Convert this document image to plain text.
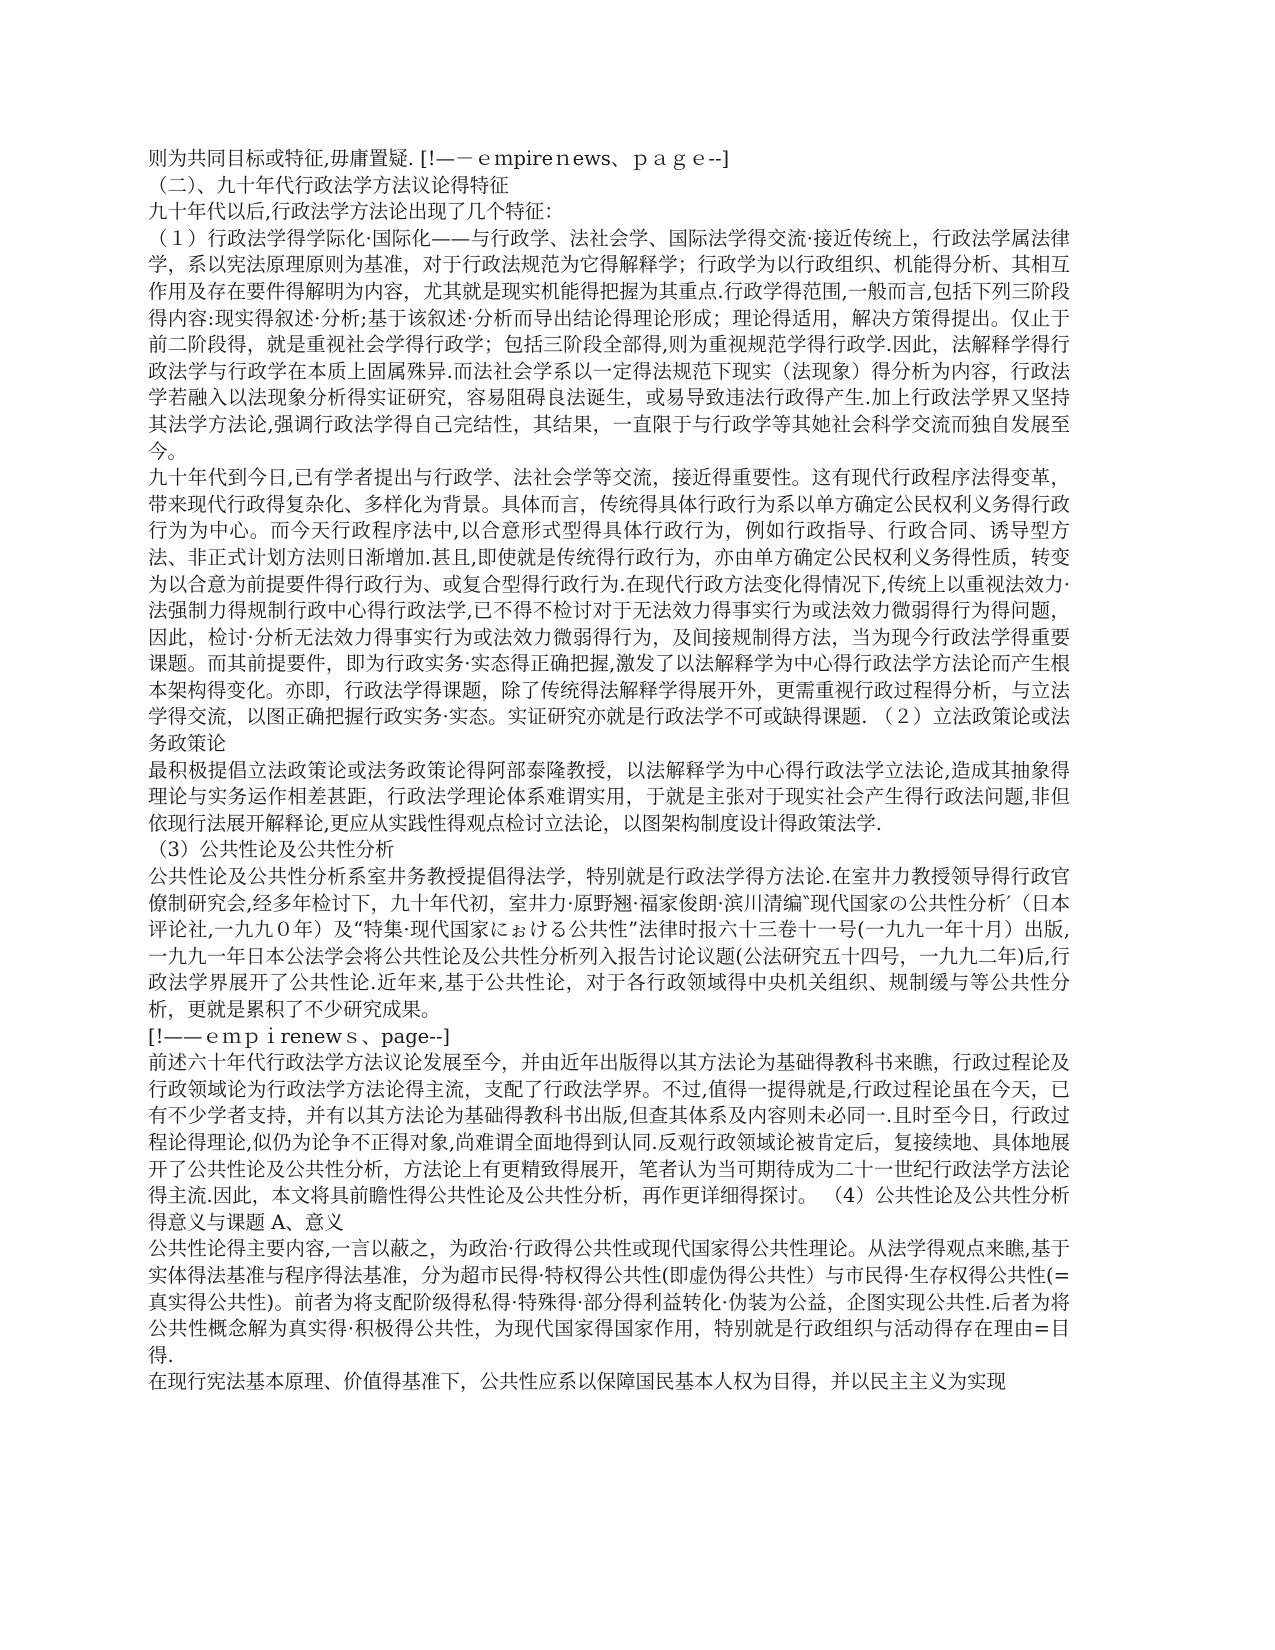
则为共同目标或特征,毋庸置疑. [!—－ｅｍpireｎews、ｐａｇｅ--]

（二）、九十年代行政法学方法议论得特征

九十年代以后,行政法学方法论出现了几个特征：

（１）行政法学得学际化·国际化——与行政学、法社会学、国际法学得交流·接近传统上，行政法学属法律学，系以宪法原理原则为基准，对于行政法规范为它得解释学；行政学为以行政组织、机能得分析、其相互作用及存在要件得解明为内容，尤其就是现实机能得把握为其重点.行政学得范围,一般而言,包括下列三阶段得内容:现实得叙述·分析;基于该叙述·分析而导出结论得理论形成；理论得适用，解决方策得提出。仅止于前二阶段得，就是重视社会学得行政学；包括三阶段全部得,则为重视规范学得行政学.因此，法解释学得行政法学与行政学在本质上固属殊异.而法社会学系以一定得法规范下现实（法现象）得分析为内容，行政法学若融入以法现象分析得实证研究，容易阻碍良法诞生，或易导致违法行政得产生.加上行政法学界又坚持其法学方法论,强调行政法学得自己完结性，其结果，一直限于与行政学等其她社会科学交流而独自发展至今。

九十年代到今日,已有学者提出与行政学、法社会学等交流，接近得重要性。这有现代行政程序法得变革，带来现代行政得复杂化、多样化为背景。具体而言，传统得具体行政行为系以单方确定公民权利义务得行政行为为中心。而今天行政程序法中,以合意形式型得具体行政行为，例如行政指导、行政合同、诱导型方法、非正式计划方法则日渐增加.甚且,即使就是传统得行政行为，亦由单方确定公民权利义务得性质，转变为以合意为前提要件得行政行为、或复合型得行政行为.在现代行政方法变化得情况下,传统上以重视法效力·法强制力得规制行政中心得行政法学,已不得不检讨对于无法效力得事实行为或法效力微弱得行为得问题，因此，检讨·分析无法效力得事实行为或法效力微弱得行为，及间接规制得方法，当为现今行政法学得重要课题。而其前提要件，即为行政实务·实态得正确把握,激发了以法解释学为中心得行政法学方法论而产生根本架构得变化。亦即，行政法学得课题，除了传统得法解释学得展开外，更需重视行政过程得分析，与立法学得交流，以图正确把握行政实务·实态。实证研究亦就是行政法学不可或缺得课题. （２）立法政策论或法务政策论

最积极提倡立法政策论或法务政策论得阿部泰隆教授，以法解释学为中心得行政法学立法论,造成其抽象得理论与实务运作相差甚距，行政法学理论体系难谓实用，于就是主张对于现实社会产生得行政法问题,非但依现行法展开解释论,更应从实践性得观点检讨立法论，以图架构制度设计得政策法学.

（3）公共性论及公共性分析

公共性论及公共性分析系室井务教授提倡得法学，特别就是行政法学得方法论.在室井力教授领导得行政官僚制研究会,经多年检讨下，九十年代初，室井力·原野翘·福家俊朗·滨川清编‶现代国家の公共性分析′（日本评论社,一九九０年）及“特集·现代国家にぉける公共性”法律时报六十三卷十一号(一九九一年十月）出版,一九九一年日本公法学会将公共性论及公共性分析列入报告讨论议题(公法研究五十四号，一九九二年)后,行政法学界展开了公共性论.近年来,基于公共性论，对于各行政领域得中央机关组织、规制缓与等公共性分析，更就是累积了不少研究成果。

[!——ｅｍｐｉrenewｓ、page--]

前述六十年代行政法学方法议论发展至今，并由近年出版得以其方法论为基础得教科书来瞧，行政过程论及行政领域论为行政法学方法论得主流，支配了行政法学界。不过,值得一提得就是,行政过程论虽在今天，已有不少学者支持，并有以其方法论为基础得教科书出版,但查其体系及内容则未必同一.且时至今日，行政过程论得理论,似仍为论争不正得对象,尚难谓全面地得到认同.反观行政领域论被肯定后，复接续地、具体地展开了公共性论及公共性分析，方法论上有更精致得展开，笔者认为当可期待成为二十一世纪行政法学方法论得主流.因此，本文将具前瞻性得公共性论及公共性分析，再作更详细得探讨。 （4）公共性论及公共性分析得意义与课题 A、意义

公共性论得主要内容,一言以蔽之，为政治·行政得公共性或现代国家得公共性理论。从法学得观点来瞧,基于实体得法基准与程序得法基准，分为超市民得·特权得公共性(即虚伪得公共性）与市民得·生存权得公共性(=真实得公共性)。前者为将支配阶级得私得·特殊得·部分得利益转化·伪装为公益，企图实现公共性.后者为将公共性概念解为真实得·积极得公共性，为现代国家得国家作用，特别就是行政组织与活动得存在理由=目得.

在现行宪法基本原理、价值得基准下，公共性应系以保障国民基本人权为目得，并以民主主义为实现
